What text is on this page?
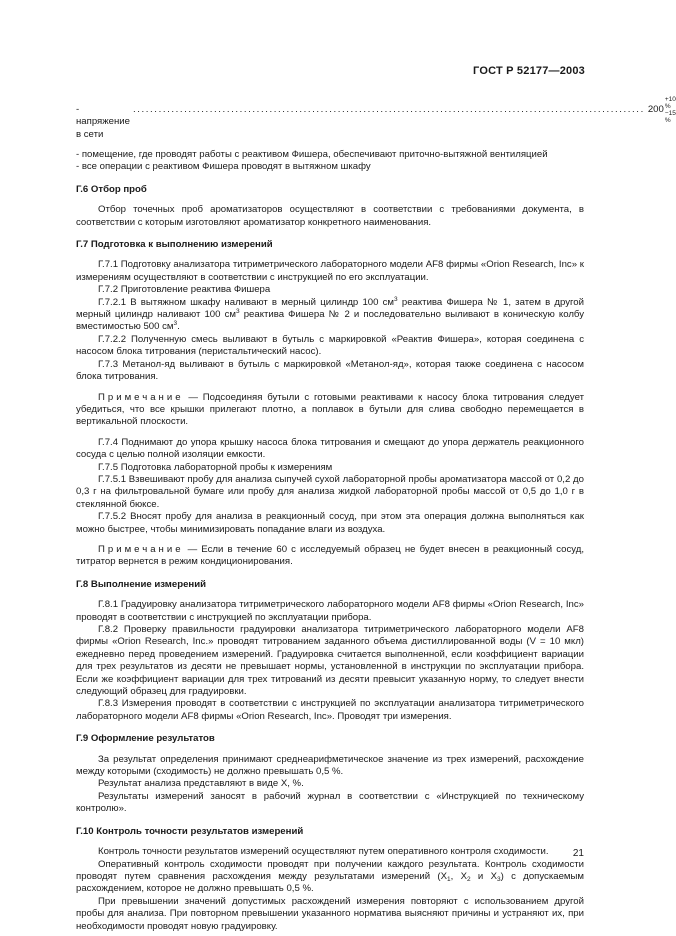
ГОСТ Р 52177—2003
- напряжение в сети
........................................................................................................................ 200
+10 %
−15 %

- помещение, где проводят работы с реактивом Фишера, обеспечивают приточно-вытяжной вентиляцией

- все операции с реактивом Фишера проводят в вытяжном шкафу

Г.6 Отбор проб

Отбор точечных проб ароматизаторов осуществляют в соответствии с требованиями документа, в соответствии с которым изготовляют ароматизатор конкретного наименования.

Г.7 Подготовка к выполнению измерений

Г.7.1 Подготовку анализатора титриметрического лабораторного модели AF8 фирмы «Orion Research, Inc» к измерениям осуществляют в соответствии с инструкцией по его эксплуатации.

Г.7.2 Приготовление реактива Фишера

Г.7.2.1 В вытяжном шкафу наливают в мерный цилиндр 100 $см^3$ реактива Фишера № 1, затем в другой мерный цилиндр наливают 100 $см^3$ реактива Фишера № 2 и последовательно выливают в коническую колбу вместимостью 500 $см^3$.

Г.7.2.2 Полученную смесь выливают в бутыль с маркировкой «Реактив Фишера», которая соединена с насосом блока титрования (перистальтический насос).

Г.7.3 Метанол-яд выливают в бутыль с маркировкой «Метанол-яд», которая также соединена с насосом блока титрования.

Примечание — Подсоединяя бутыли с готовыми реактивами к насосу блока титрования следует убедиться, что все крышки прилегают плотно, а поплавок в бутыли для слива свободно перемещается в вертикальной плоскости.

Г.7.4 Поднимают до упора крышку насоса блока титрования и смещают до упора держатель реакционного сосуда с целью полной изоляции емкости.

Г.7.5 Подготовка лабораторной пробы к измерениям

Г.7.5.1 Взвешивают пробу для анализа сыпучей сухой лабораторной пробы ароматизатора массой от 0,2 до 0,3 г на фильтровальной бумаге или пробу для анализа жидкой лабораторной пробы массой от 0,5 до 1,0 г в стеклянной бюксе.

Г.7.5.2 Вносят пробу для анализа в реакционный сосуд, при этом эта операция должна выполняться как можно быстрее, чтобы минимизировать попадание влаги из воздуха.

Примечание — Если в течение 60 с исследуемый образец не будет внесен в реакционный сосуд, титратор вернется в режим кондиционирования.

Г.8 Выполнение измерений

Г.8.1 Градуировку анализатора титриметрического лабораторного модели AF8 фирмы «Orion Research, Inc» проводят в соответствии с инструкцией по эксплуатации прибора.

Г.8.2 Проверку правильности градуировки анализатора титриметрического лабораторного модели AF8 фирмы «Orion Research, Inc.» проводят титрованием заданного объема дистиллированной воды (V = 10 мкл) ежедневно перед проведением измерений. Градуировка считается выполненной, если коэффициент вариации для трех результатов из десяти не превышает нормы, установленной в инструкции по эксплуатации прибора. Если же коэффициент вариации для трех титрований из десяти превысит указанную норму, то следует внести следующий образец для градуировки.

Г.8.3 Измерения проводят в соответствии с инструкцией по эксплуатации анализатора титриметрического лабораторного модели AF8 фирмы «Orion Research, Inc». Проводят три измерения.

Г.9 Оформление результатов

За результат определения принимают среднеарифметическое значение из трех измерений, расхождение между которыми (сходимость) не должно превышать 0,5 %.

Результат анализа представляют в виде X, %.

Результаты измерений заносят в рабочий журнал в соответствии с «Инструкцией по техническому контролю».

Г.10 Контроль точности результатов измерений

Контроль точности результатов измерений осуществляют путем оперативного контроля сходимости.

Оперативный контроль сходимости проводят при получении каждого результата. Контроль сходимости проводят путем сравнения расхождения между результатами измерений ($X_1$, $X_2$ и $X_3$) с допускаемым расхождением, которое не должно превышать 0,5 %.

При превышении значений допустимых расхождений измерения повторяют с использованием другой пробы для анализа. При повторном превышении указанного норматива выясняют причины и устраняют их, при необходимости проводят новую градуировку.

21
